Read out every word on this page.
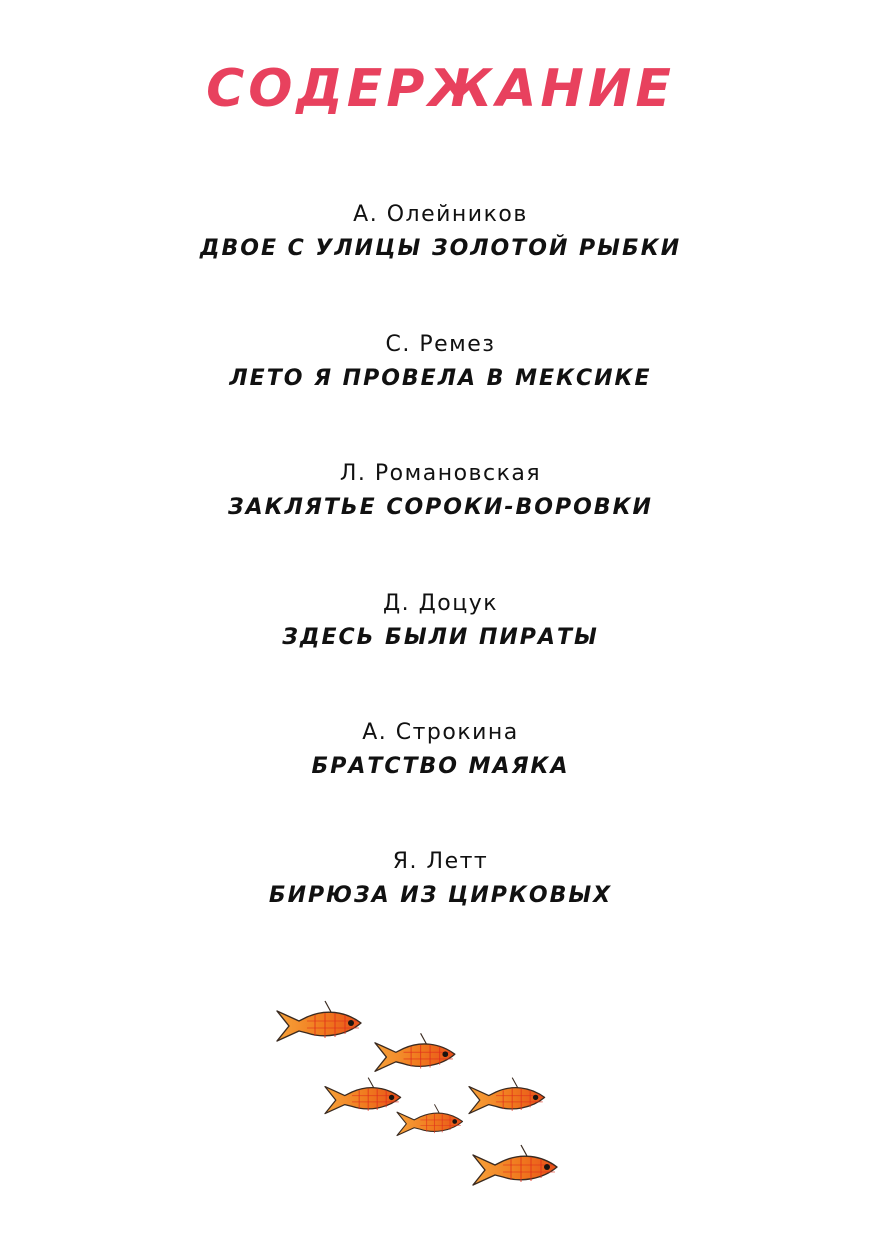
СОДЕРЖАНИЕ
А. Олейников
ДВОЕ С УЛИЦЫ ЗОЛОТОЙ РЫБКИ
С. Ремез
ЛЕТО Я ПРОВЕЛА В МЕКСИКЕ
Л. Романовская
ЗАКЛЯТЬЕ СОРОКИ-ВОРОВКИ
Д. Доцук
ЗДЕСЬ БЫЛИ ПИРАТЫ
А. Строкина
БРАТСТВО МАЯКА
Я. Летт
БИРЮЗА ИЗ ЦИРКОВЫХ
